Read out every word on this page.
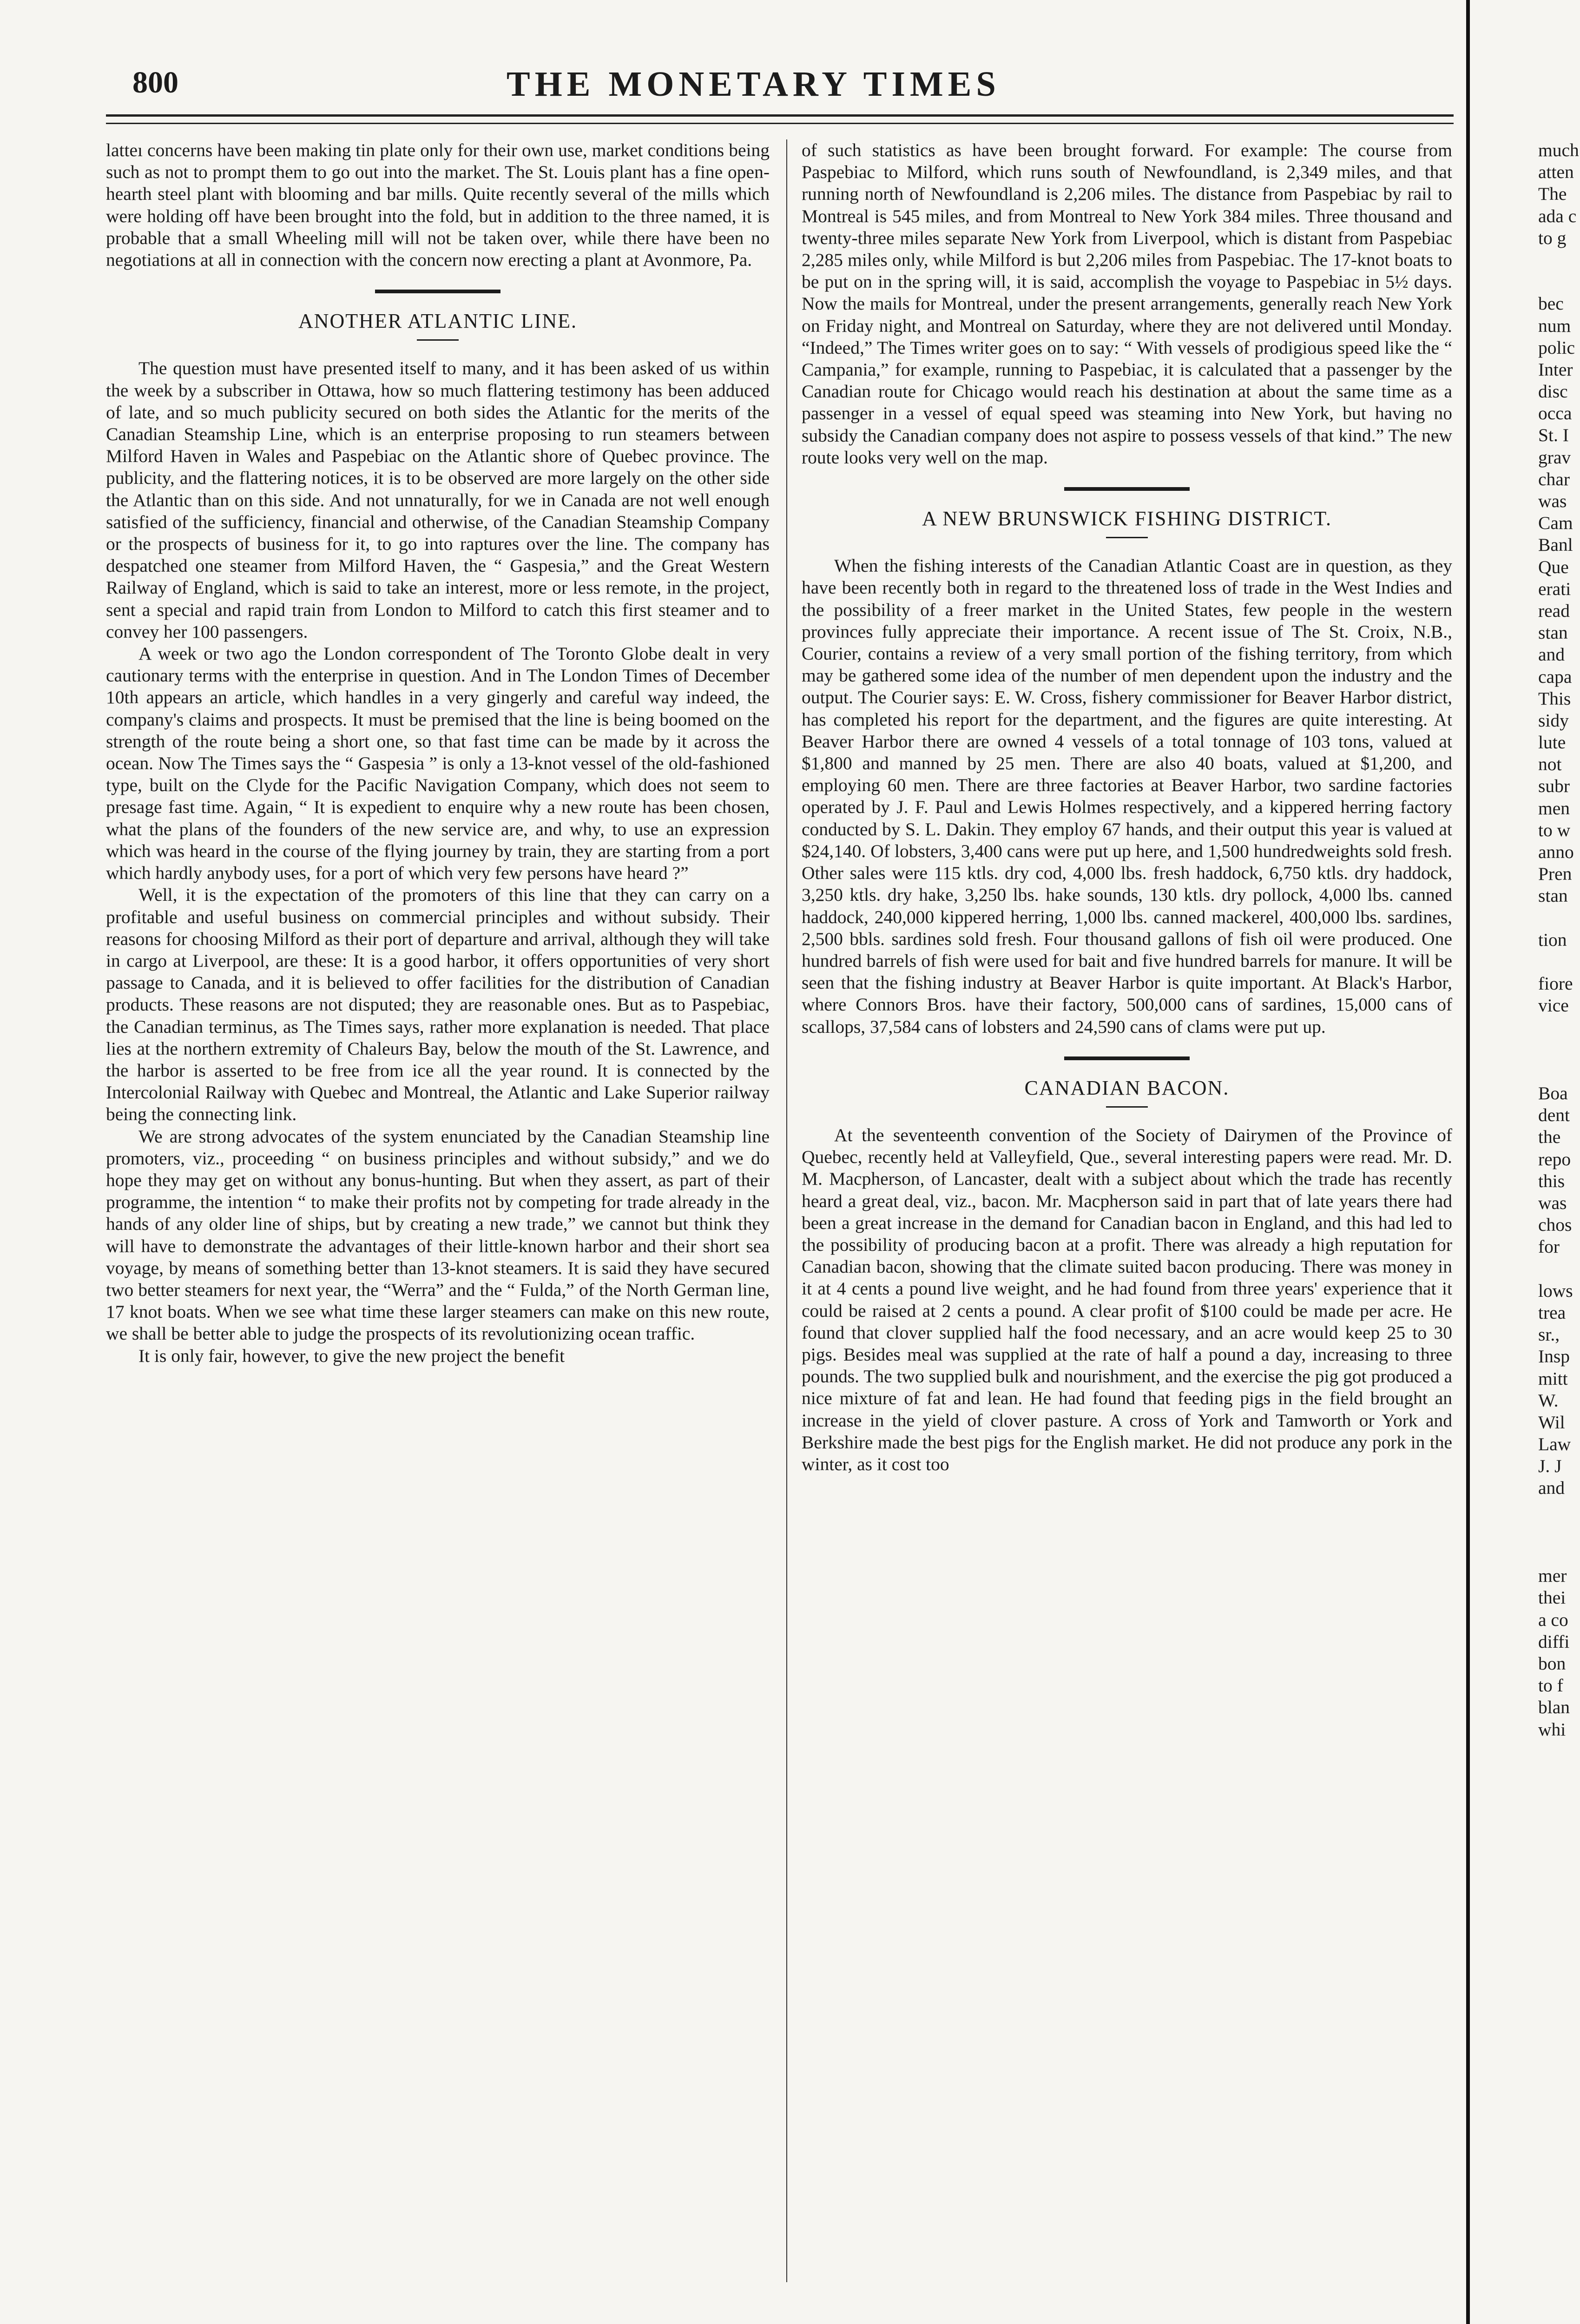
800	THE MONETARY TIMES

latteı concerns have been making tin plate only for their own use, market conditions being such as not to prompt them to go out into the market. The St. Louis plant has a fine open-hearth steel plant with blooming and bar mills. Quite recently several of the mills which were holding off have been brought into the fold, but in addition to the three named, it is probable that a small Wheeling mill will not be taken over, while there have been no negotiations at all in connection with the concern now erecting a plant at Avonmore, Pa.

ANOTHER ATLANTIC LINE.

The question must have presented itself to many, and it has been asked of us within the week by a subscriber in Ottawa, how so much flattering testimony has been adduced of late, and so much publicity secured on both sides the Atlantic for the merits of the Canadian Steamship Line, which is an enterprise proposing to run steamers between Milford Haven in Wales and Paspebiac on the Atlantic shore of Quebec province. The publicity, and the flattering notices, it is to be observed are more largely on the other side the Atlantic than on this side. And not unnaturally, for we in Canada are not well enough satisfied of the sufficiency, financial and otherwise, of the Canadian Steamship Company or the prospects of business for it, to go into raptures over the line. The company has despatched one steamer from Milford Haven, the “ Gaspesia,” and the Great Western Railway of England, which is said to take an interest, more or less remote, in the project, sent a special and rapid train from London to Milford to catch this first steamer and to convey her 100 passengers.

A week or two ago the London correspondent of The Toronto Globe dealt in very cautionary terms with the enterprise in question. And in The London Times of December 10th appears an article, which handles in a very gingerly and careful way indeed, the company's claims and prospects. It must be premised that the line is being boomed on the strength of the route being a short one, so that fast time can be made by it across the ocean. Now The Times says the “ Gaspesia ” is only a 13-knot vessel of the old-fashioned type, built on the Clyde for the Pacific Navigation Company, which does not seem to presage fast time. Again, “ It is expedient to enquire why a new route has been chosen, what the plans of the founders of the new service are, and why, to use an expression which was heard in the course of the flying journey by train, they are starting from a port which hardly anybody uses, for a port of which very few persons have heard ?”

Well, it is the expectation of the promoters of this line that they can carry on a profitable and useful business on commercial principles and without subsidy. Their reasons for choosing Milford as their port of departure and arrival, although they will take in cargo at Liverpool, are these: It is a good harbor, it offers opportunities of very short passage to Canada, and it is believed to offer facilities for the distribution of Canadian products. These reasons are not disputed; they are reasonable ones. But as to Paspebiac, the Canadian terminus, as The Times says, rather more explanation is needed. That place lies at the northern extremity of Chaleurs Bay, below the mouth of the St. Lawrence, and the harbor is asserted to be free from ice all the year round. It is connected by the Intercolonial Railway with Quebec and Montreal, the Atlantic and Lake Superior railway being the connecting link.

We are strong advocates of the system enunciated by the Canadian Steamship line promoters, viz., proceeding “ on business principles and without subsidy,” and we do hope they may get on without any bonus-hunting. But when they assert, as part of their programme, the intention “ to make their profits not by competing for trade already in the hands of any older line of ships, but by creating a new trade,” we cannot but think they will have to demonstrate the advantages of their little-known harbor and their short sea voyage, by means of something better than 13-knot steamers. It is said they have secured two better steamers for next year, the “Werra” and the “ Fulda,” of the North German line, 17 knot boats. When we see what time these larger steamers can make on this new route, we shall be better able to judge the prospects of its revolutionizing ocean traffic.

It is only fair, however, to give the new project the benefit

of such statistics as have been brought forward. For example: The course from Paspebiac to Milford, which runs south of Newfoundland, is 2,349 miles, and that running north of Newfoundland is 2,206 miles. The distance from Paspebiac by rail to Montreal is 545 miles, and from Montreal to New York 384 miles. Three thousand and twenty-three miles separate New York from Liverpool, which is distant from Paspebiac 2,285 miles only, while Milford is but 2,206 miles from Paspebiac. The 17-knot boats to be put on in the spring will, it is said, accomplish the voyage to Paspebiac in 5½ days. Now the mails for Montreal, under the present arrangements, generally reach New York on Friday night, and Montreal on Saturday, where they are not delivered until Monday. “Indeed,” The Times writer goes on to say: “ With vessels of prodigious speed like the “ Campania,” for example, running to Paspebiac, it is calculated that a passenger by the Canadian route for Chicago would reach his destination at about the same time as a passenger in a vessel of equal speed was steaming into New York, but having no subsidy the Canadian company does not aspire to possess vessels of that kind.” The new route looks very well on the map.

A NEW BRUNSWICK FISHING DISTRICT.

When the fishing interests of the Canadian Atlantic Coast are in question, as they have been recently both in regard to the threatened loss of trade in the West Indies and the possibility of a freer market in the United States, few people in the western provinces fully appreciate their importance. A recent issue of The St. Croix, N.B., Courier, contains a review of a very small portion of the fishing territory, from which may be gathered some idea of the number of men dependent upon the industry and the output. The Courier says: E. W. Cross, fishery commissioner for Beaver Harbor district, has completed his report for the department, and the figures are quite interesting. At Beaver Harbor there are owned 4 vessels of a total tonnage of 103 tons, valued at $1,800 and manned by 25 men. There are also 40 boats, valued at $1,200, and employing 60 men. There are three factories at Beaver Harbor, two sardine factories operated by J. F. Paul and Lewis Holmes respectively, and a kippered herring factory conducted by S. L. Dakin. They employ 67 hands, and their output this year is valued at $24,140. Of lobsters, 3,400 cans were put up here, and 1,500 hundredweights sold fresh. Other sales were 115 ktls. dry cod, 4,000 lbs. fresh haddock, 6,750 ktls. dry haddock, 3,250 ktls. dry hake, 3,250 lbs. hake sounds, 130 ktls. dry pollock, 4,000 lbs. canned haddock, 240,000 kippered herring, 1,000 lbs. canned mackerel, 400,000 lbs. sardines, 2,500 bbls. sardines sold fresh. Four thousand gallons of fish oil were produced. One hundred barrels of fish were used for bait and five hundred barrels for manure. It will be seen that the fishing industry at Beaver Harbor is quite important. At Black's Harbor, where Connors Bros. have their factory, 500,000 cans of sardines, 15,000 cans of scallops, 37,584 cans of lobsters and 24,590 cans of clams were put up.

CANADIAN BACON.

At the seventeenth convention of the Society of Dairymen of the Province of Quebec, recently held at Valleyfield, Que., several interesting papers were read. Mr. D. M. Macpherson, of Lancaster, dealt with a subject about which the trade has recently heard a great deal, viz., bacon. Mr. Macpherson said in part that of late years there had been a great increase in the demand for Canadian bacon in England, and this had led to the possibility of producing bacon at a profit. There was already a high reputation for Canadian bacon, showing that the climate suited bacon producing. There was money in it at 4 cents a pound live weight, and he had found from three years' experience that it could be raised at 2 cents a pound. A clear profit of $100 could be made per acre. He found that clover supplied half the food necessary, and an acre would keep 25 to 30 pigs. Besides meal was supplied at the rate of half a pound a day, increasing to three pounds. The two supplied bulk and nourishment, and the exercise the pig got produced a nice mixture of fat and lean. He had found that feeding pigs in the field brought an increase in the yield of clover pasture. A cross of York and Tamworth or York and Berkshire made the best pigs for the English market. He did not produce any pork in the winter, as it cost too

much
atten
The
ada c
to g
bec
num
polic
Inter
disc
occa
St. I
grav
char
was
Cam
Banl
Que
erati
read
stan
and
capa
This
sidy
lute
not
subr
men
to w
anno
Pren
stan
tion
fiore
vice
Boa
dent
the
repo
this
was
chos
for
lows
trea
sr.,
Insp
mitt
W.
Wil
Law
J. J
and
mer
thei
a co
diffi
bon
to f
blan
whi
